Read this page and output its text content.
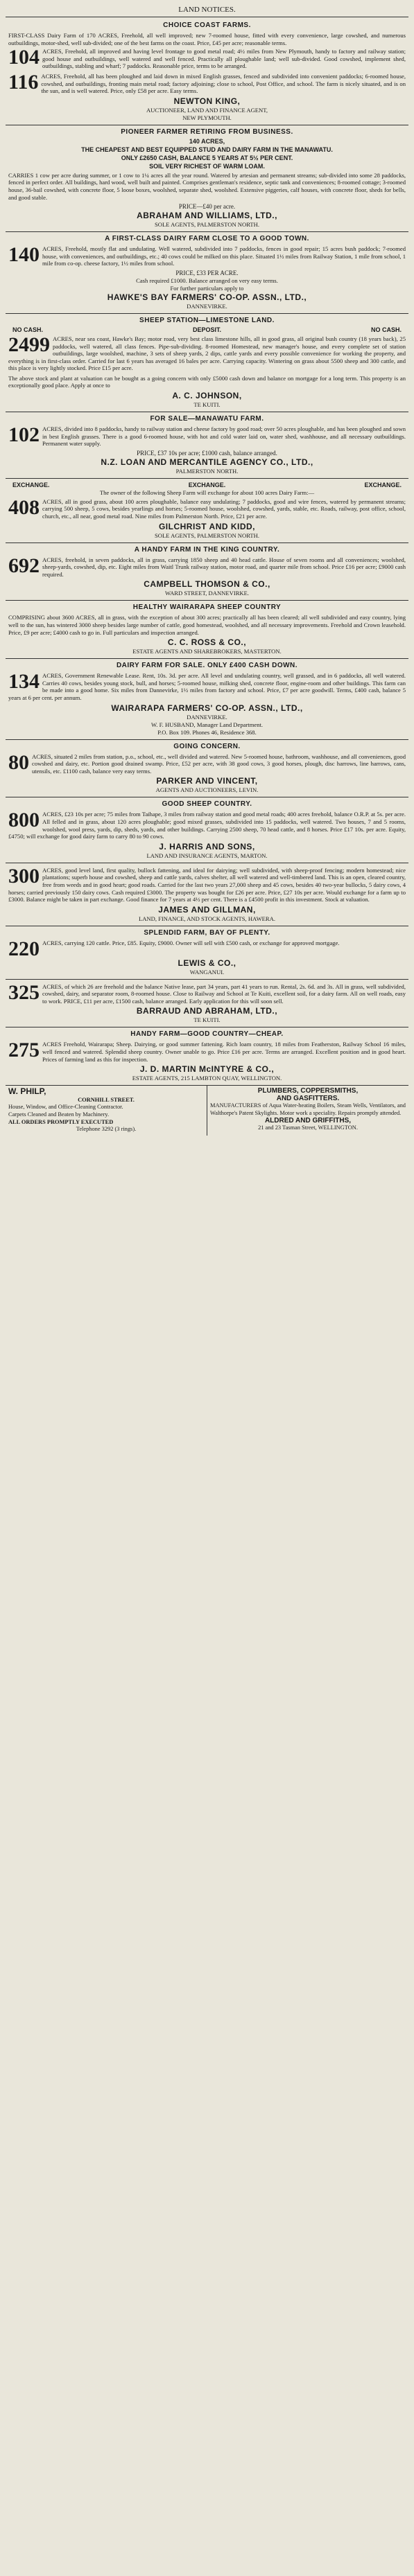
LAND NOTICES.
CHOICE COAST FARMS.
FIRST-CLASS Dairy Farm of 170 ACRES, Freehold, all well improved; new 7-roomed house, fitted with every convenience, large cowshed, and numerous outbuildings, motor-shed, well sub-divided; one of the best farms on the coast. Price, £45 per acre; reasonable terms.
104 ACRES, Freehold, all improved and having level frontage to good metal road; 4½ miles from New Plymouth, handy to factory and railway station; good house and outbuildings, well watered and well fenced. Practically all ploughable land; well sub-divided. Good cowshed, implement shed, outbuildings, stabling and wharf; 7 paddocks. Reasonable price, terms to be arranged.
116 ACRES, Freehold, all has been ploughed and laid down in mixed English grasses, fenced and subdivided into convenient paddocks; 6-roomed house, cowshed, and outbuildings, fronting main metal road; factory adjoining; close to school, Post Office, and school. The farm is nicely situated, and is on the sun, and is well watered. Price, only £58 per acre. Easy terms.
NEWTON KING,
AUCTIONEER, LAND AND FINANCE AGENT,
NEW PLYMOUTH.
PIONEER FARMER RETIRING FROM BUSINESS.
140 ACRES,
THE CHEAPEST AND BEST EQUIPPED STUD AND DAIRY FARM IN THE MANAWATU.
ONLY £2650 CASH, BALANCE 5 YEARS AT 5½ PER CENT.
SOIL VERY RICHEST OF WARM LOAM.
CARRIES 1 cow per acre during summer, or 1 cow to 1¼ acres all the year round. Watered by artesian and permanent streams; sub-divided into some 28 paddocks, fenced in perfect order. All buildings, hard wood, well built and painted. Comprises gentleman's residence, septic tank and conveniences; 8-roomed cottage; 3-roomed house, 36-bail cowshed, with concrete floor, 5 loose boxes, woolshed, separate shed, woolshed. Extensive piggeries, calf houses, with concrete floor, sheds for bells, and good stable.
PRICE—£40 per acre.
ABRAHAM AND WILLIAMS, LTD.,
SOLE AGENTS, PALMERSTON NORTH.
A FIRST-CLASS DAIRY FARM CLOSE TO A GOOD TOWN.
140 ACRES, Freehold, mostly flat and undulating. Well watered, subdivided into 7 paddocks, fences in good repair; 15 acres bush paddock; 7-roomed house, with conveniences, and outbuildings, etc.; 40 cows could be milked on this place. Situated 1½ miles from Railway Station, 1 mile from school, 1 mile from co-op. cheese factory, 1½ miles from school.
PRICE, £33 PER ACRE.
Cash required £1000. Balance arranged on very easy terms.
For further particulars apply to
HAWKE'S BAY FARMERS' CO-OP. ASSN., LTD.,
DANNEVIRKE.
SHEEP STATION—LIMESTONE LAND.
NO CASH.	DEPOSIT.	NO CASH.
2499 ACRES, near sea coast, Hawke's Bay; motor road, very best class limestone hills, all in good grass, all original bush country (18 years back), 25 paddocks, well watered, all class fences. Pipe-sub-dividing. 8-roomed Homestead, new manager's house, and every complete set of station outbuildings, large woolshed, machine, 3 sets of sheep yards, 2 dips, cattle yards and every possible convenience for working the property, and everything is in first-class order. Carried for last 6 years has averaged 16 bales per acre. Carrying capacity. Wintering on grass about 5500 sheep and 300 cattle, and this place is very lightly stocked. Price £15 per acre.
The above stock and plant at valuation can be bought as a going concern with only £5000 cash down and balance on mortgage for a long term. This property is an exceptionally good place. Apply at once to
A. C. JOHNSON,
TE KUITI.
FOR SALE—MANAWATU FARM.
102 ACRES, divided into 8 paddocks, handy to railway station and cheese factory by good road; over 50 acres ploughable, and has been ploughed and sown in best English grasses. There is a good 6-roomed house, with hot and cold water laid on, water shed, washhouse, and all necessary outbuildings. Permanent water supply.
PRICE, £37 10s per acre; £1000 cash, balance arranged.
N.Z. LOAN AND MERCANTILE AGENCY CO., LTD.,
PALMERSTON NORTH.
EXCHANGE.	EXCHANGE.	EXCHANGE.
The owner of the following Sheep Farm will exchange for about 100 acres Dairy Farm:—
408 ACRES, all in good grass, about 100 acres ploughable, balance easy undulating; 7 paddocks, good and wire fences, watered by permanent streams; carrying 500 sheep, 5 cows, besides yearlings and horses; 5-roomed house, woolshed, cowshed, yards, stable, etc. Roads, railway, post office, school, church, etc., all near, good metal road. Nine miles from Palmerston North. Price, £21 per acre.
GILCHRIST AND KIDD,
SOLE AGENTS, PALMERSTON NORTH.
A HANDY FARM IN THE KING COUNTRY.
692 ACRES, freehold, in seven paddocks, all in grass, carrying 1850 sheep and 40 head cattle. House of seven rooms and all conveniences; woolshed, sheep-yards, cowshed, dip, etc. Eight miles from Waitl Trunk railway station, motor road, and quarter mile from school. Price £16 per acre; £9000 cash required.
CAMPBELL THOMSON & CO.,
WARD STREET, DANNEVIRKE.
HEALTHY WAIRARAPA SHEEP COUNTRY
COMPRISING about 3600 ACRES, all in grass, with the exception of about 300 acres; practically all has been cleared; all well subdivided and easy country, lying well to the sun, has wintered 3000 sheep besides large number of cattle, good homestead, woolshed, and all necessary improvements. Freehold and Crown leasehold. Price, £9 per acre; £4000 cash to go in. Full particulars and inspection arranged.
C. C. ROSS & CO.,
ESTATE AGENTS AND SHAREBROKERS, MASTERTON.
DAIRY FARM FOR SALE. ONLY £400 CASH DOWN.
134 ACRES, Government Renewable Lease. Rent, 10s. 3d. per acre. All level and undulating country, well grassed, and in 6 paddocks, all well watered. Carries 40 cows, besides young stock, bull, and horses; 5-roomed house, milking shed, concrete floor, engine-room and other buildings. This farm can be made into a good home. Six miles from Dannevirke, 1½ miles from factory and school. Price, £7 per acre goodwill. Terms, £400 cash, balance 5 years at 6 per cent. per annum.
WAIRARAPA FARMERS' CO-OP. ASSN., LTD.,
DANNEVIRKE.
W. F. HUSBAND, Manager Land Department.
P.O. Box 109. Phones 46, Residence 368.
GOING CONCERN.
80 ACRES, situated 2 miles from station, p.o., school, etc., well divided and watered. New 5-roomed house, bathroom, washhouse, and all conveniences, good cowshed and dairy, etc. Portion good drained swamp. Price, £52 per acre, with 38 good cows, 3 good horses, plough, disc harrows, line harrows, cans, utensils, etc. £1100 cash, balance very easy terms.
PARKER AND VINCENT,
AGENTS AND AUCTIONEERS, LEVIN.
GOOD SHEEP COUNTRY.
800 ACRES, £23 10s per acre; 75 miles from Taihape, 3 miles from railway station and good metal roads; 400 acres freehold, balance O.R.P. at 5s. per acre. All felled and in grass, about 120 acres ploughable; good mixed grasses, subdivided into 15 paddocks, well watered. Two houses, 7 and 5 rooms, woolshed, wool press, yards, dip, sheds, yards, and other buildings. Carrying 2500 sheep, 70 head cattle, and 8 horses. Price £17 10s. per acre. Equity, £4750; will exchange for good dairy farm to carry 80 to 90 cows.
J. HARRIS AND SONS,
LAND AND INSURANCE AGENTS, MARTON.
300 ACRES, good level land, first quality, bullock fattening, and ideal for dairying; well subdivided, with sheep-proof fencing; modern homestead; nice plantations; superb house and cowshed, sheep and cattle yards, calves shelter, all well watered and well-timbered land. This is an open, cleared country, free from weeds and in good heart; good roads. Carried for the last two years 27,000 sheep and 45 cows, besides 40 two-year bullocks, 5 dairy cows, 4 horses; carried previously 150 dairy cows. Cash required £3000. The property was bought for £26 per acre. Price, £27 10s per acre. Would exchange for a farm up to £3000. Balance might be taken in part exchange. Good finance for 7 years at 4½ per cent. There is a £4500 profit in this investment. Stock at valuation.
JAMES AND GILLMAN,
LAND, FINANCE, AND STOCK AGENTS, HAWERA.
SPLENDID FARM, BAY OF PLENTY.
220 ACRES, carrying 120 cattle. Price, £85. Equity, £9000. Owner will sell with £500 cash, or exchange for approved mortgage.
LEWIS & CO.,
WANGANUI.
325 ACRES, of which 26 are freehold and the balance Native lease, part 34 years, part 41 years to run. Rental, 2s. 6d. and 3s. All in grass, well subdivided, cowshed, dairy, and separator room, 8-roomed house. Close to Railway and School at Te Kuiti, excellent soil, for a dairy farm. All on well roads, easy to work. PRICE, £11 per acre, £1500 cash, balance arranged. Early application for this will soon sell.
BARRAUD AND ABRAHAM, LTD.,
TE KUITI.
HANDY FARM—GOOD COUNTRY—CHEAP.
275 ACRES Freehold, Wairarapa; Sheep. Dairying, or good summer fattening. Rich loam country, 18 miles from Featherston, Railway School 16 miles, well fenced and watered. Splendid sheep country. Owner unable to go. Price £16 per acre. Terms are arranged. Excellent position and in good heart. Prices of farming land as this for inspection.
J. D. MARTIN McINTYRE & CO.,
ESTATE AGENTS, 215 LAMBTON QUAY, WELLINGTON.
W. PHILP,
CORNHILL STREET.
House, Window, and Office-Cleaning Contractor.
Carpets Cleaned and Beaten by Machinery.
ALL ORDERS PROMPTLY EXECUTED
Telephone 3292 (3 rings).
PLUMBERS, COPPERSMITHS,
AND GASFITTERS.
MANUFACTURERS of Aqua Water-heating Boilers, Steam Wells, Ventilators, and Walthorpe's Patent Skylights. Motor work a speciality. Repairs promptly attended.
ALDRED AND GRIFFITHS,
21 and 23 Tasman Street, WELLINGTON.
